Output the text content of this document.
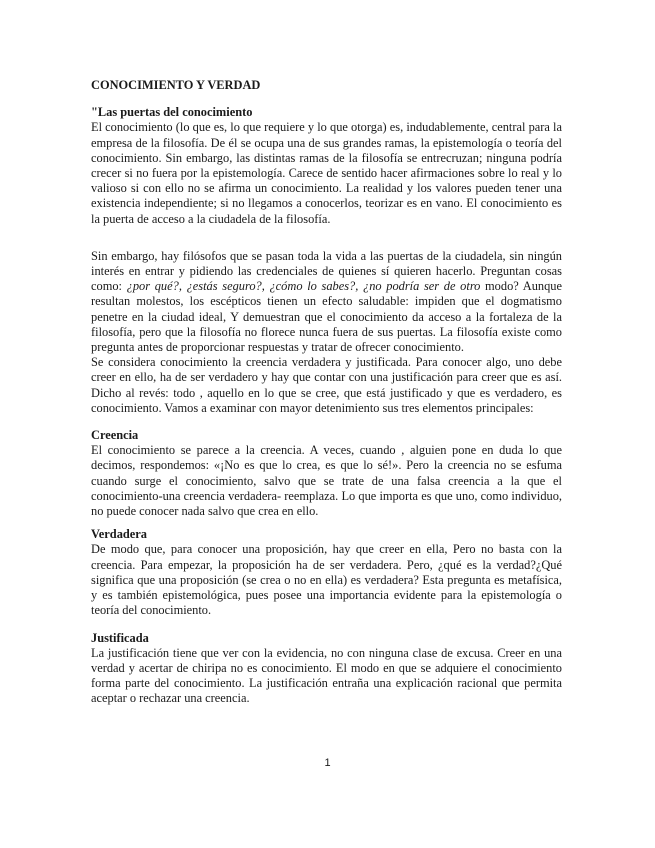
CONOCIMIENTO Y VERDAD
"Las puertas del conocimiento

El conocimiento (lo que es, lo que requiere y lo que otorga) es, indudablemente, central para la empresa de la filosofía. De él se ocupa una de sus grandes ramas, la epistemología o teoría del conocimiento. Sin embargo, las distintas ramas de la filosofía se entrecruzan; ninguna podría crecer si no fuera por la epistemología. Carece de sentido hacer afirmaciones sobre lo real y lo valioso si con ello no se afirma un conocimiento. La realidad y los valores pueden tener una existencia independiente; si no llegamos a conocerlos, teorizar es en vano. El conocimiento es la puerta de acceso a la ciudadela de la filosofía.

Sin embargo, hay filósofos que se pasan toda la vida a las puertas de la ciudadela, sin ningún interés en entrar y pidiendo las credenciales de quienes sí quieren hacerlo. Preguntan cosas como: ¿por qué?, ¿estás seguro?, ¿cómo lo sabes?, ¿no podría ser de otro modo? Aunque resultan molestos, los escépticos tienen un efecto saludable: impiden que el dogmatismo penetre en la ciudad ideal, Y demuestran que el conocimiento da acceso a la fortaleza de la filosofía, pero que la filosofía no florece nunca fuera de sus puertas. La filosofía existe como pregunta antes de proporcionar respuestas y tratar de ofrecer conocimiento.

Se considera conocimiento la creencia verdadera y justificada. Para conocer algo, uno debe creer en ello, ha de ser verdadero y hay que contar con una justificación para creer que es así. Dicho al revés: todo , aquello en lo que se cree, que está justificado y que es verdadero, es conocimiento. Vamos a examinar con mayor detenimiento sus tres elementos principales:

Creencia

El conocimiento se parece a la creencia. A veces, cuando , alguien pone en duda lo que decimos, respondemos: «¡No es que lo crea, es que lo sé!». Pero la creencia no se esfuma cuando surge el conocimiento, salvo que se trate de una falsa creencia a la que el conocimiento-una creencia verdadera- reemplaza. Lo que importa es que uno, como individuo, no puede conocer nada salvo que crea en ello.

Verdadera

De modo que, para conocer una proposición, hay que creer en ella, Pero no basta con la creencia. Para empezar, la proposición ha de ser verdadera. Pero, ¿qué es la verdad?¿Qué significa que una proposición (se crea o no en ella) es verdadera? Esta pregunta es metafísica, y es también epistemológica, pues posee una importancia evidente para la epistemología o teoría del conocimiento.

Justificada

La justificación tiene que ver con la evidencia, no con ninguna clase de excusa. Creer en una verdad y acertar de chiripa no es conocimiento. El modo en que se adquiere el conocimiento forma parte del conocimiento. La justificación entraña una explicación racional que permita aceptar o rechazar una creencia.

1
